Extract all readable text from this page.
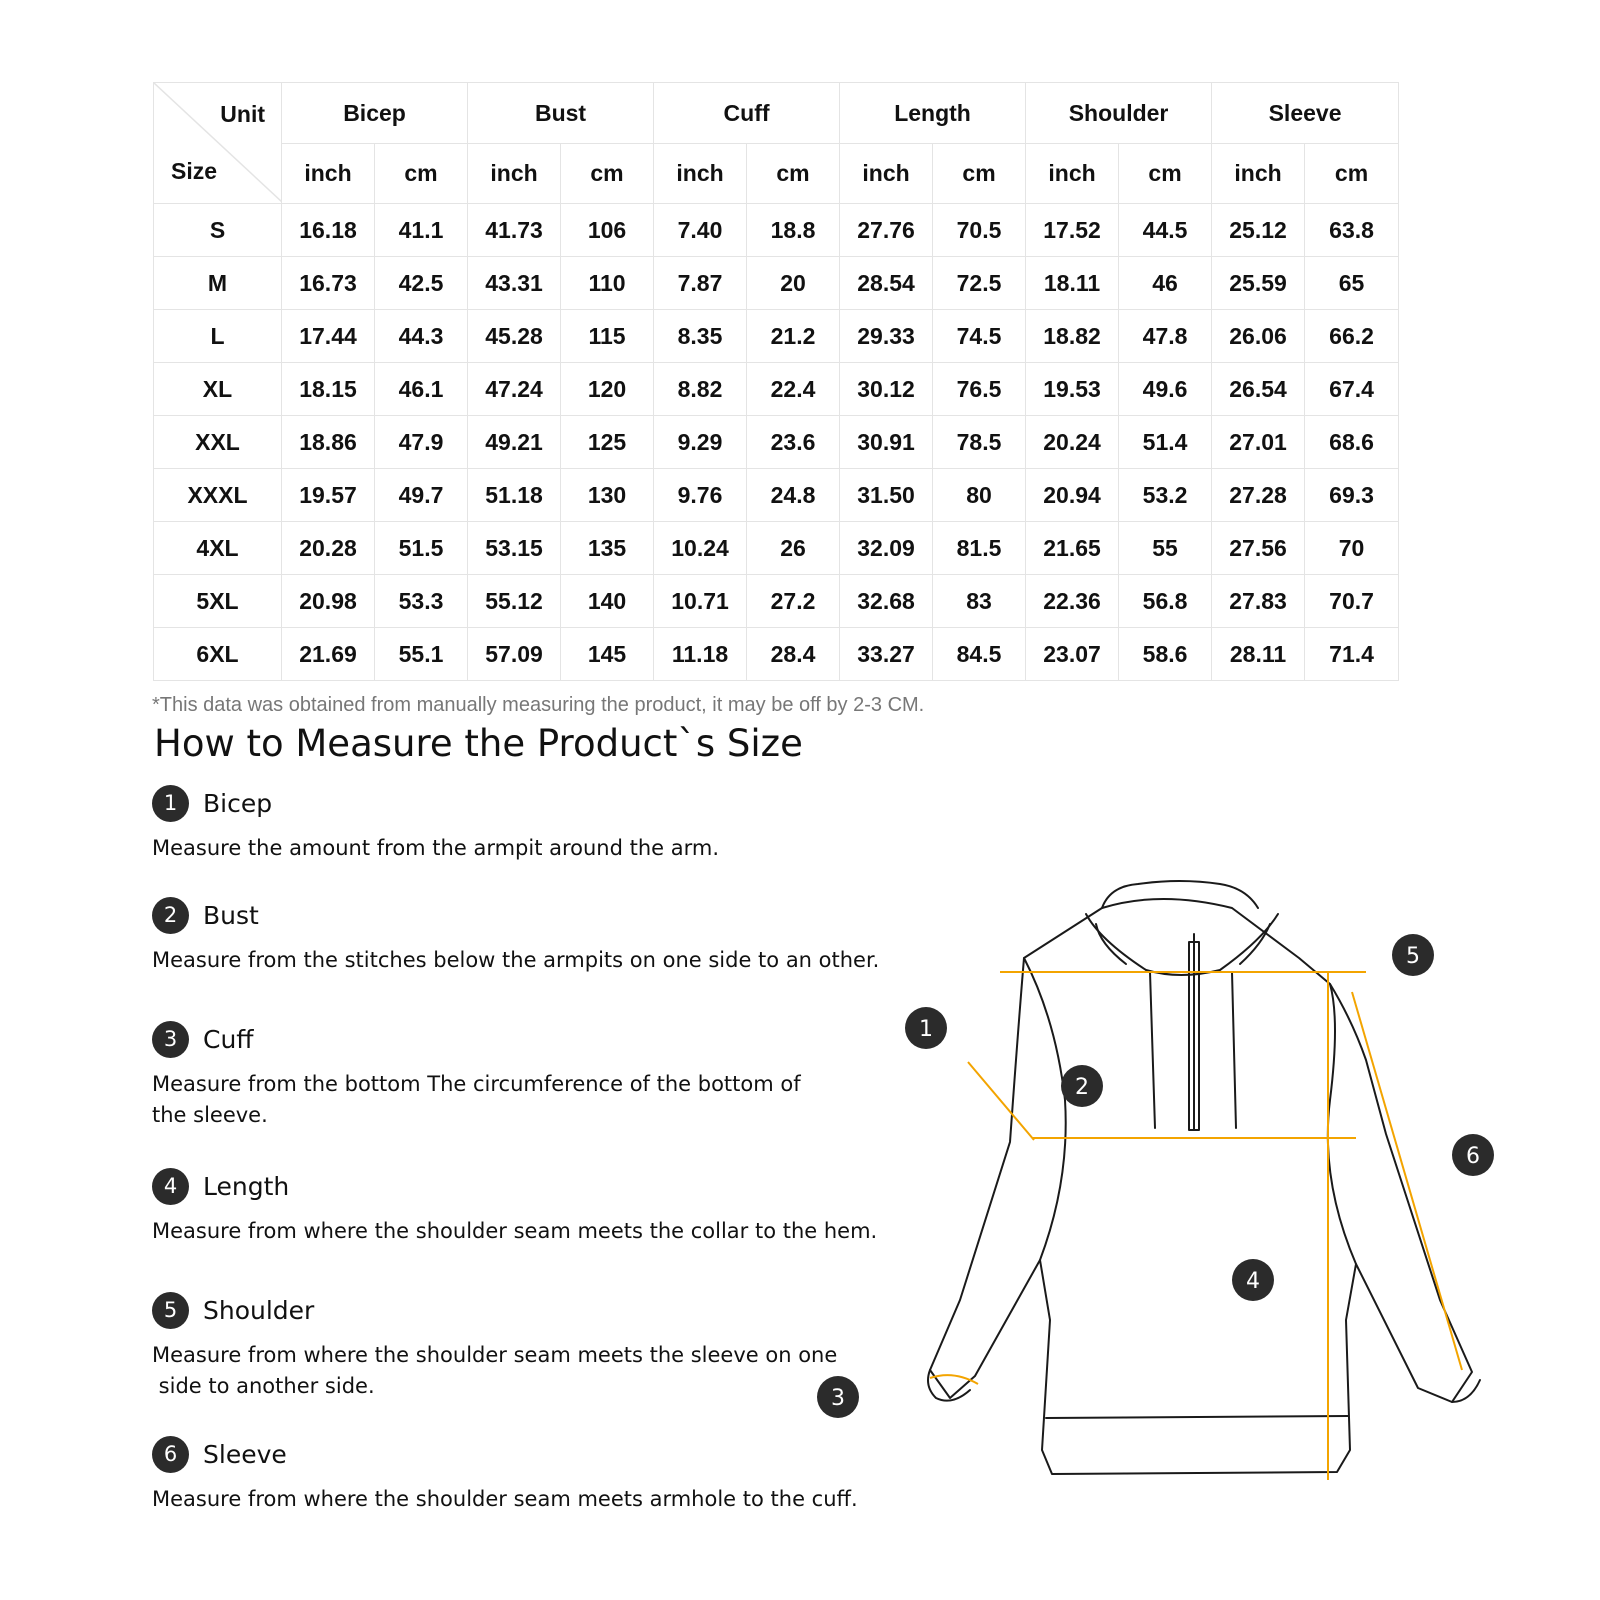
Unit
Size	Bicep		Bust		Cuff		Length		Shoulder		Sleeve	
	inch	cm	inch	cm	inch	cm	inch	cm	inch	cm	inch	cm
S	16.18	41.1	41.73	106	7.40	18.8	27.76	70.5	17.52	44.5	25.12	63.8
M	16.73	42.5	43.31	110	7.87	20	28.54	72.5	18.11	46	25.59	65
L	17.44	44.3	45.28	115	8.35	21.2	29.33	74.5	18.82	47.8	26.06	66.2
XL	18.15	46.1	47.24	120	8.82	22.4	30.12	76.5	19.53	49.6	26.54	67.4
XXL	18.86	47.9	49.21	125	9.29	23.6	30.91	78.5	20.24	51.4	27.01	68.6
XXXL	19.57	49.7	51.18	130	9.76	24.8	31.50	80	20.94	53.2	27.28	69.3
4XL	20.28	51.5	53.15	135	10.24	26	32.09	81.5	21.65	55	27.56	70
5XL	20.98	53.3	55.12	140	10.71	27.2	32.68	83	22.36	56.8	27.83	70.7
6XL	21.69	55.1	57.09	145	11.18	28.4	33.27	84.5	23.07	58.6	28.11	71.4
*This data was obtained from manually measuring the product, it may be off by 2-3 CM.
How to Measure the Product`s Size
1	Bicep
Measure the amount from the armpit around the arm.
2	Bust
Measure from the stitches below the armpits on one side to an other.
3	Cuff
Measure from the bottom The circumference of the bottom of
the sleeve.
4	Length
Measure from where the shoulder seam meets the collar to the hem.
5	Shoulder
Measure from where the shoulder seam meets the sleeve on one
side to another side.
6	Sleeve
Measure from where the shoulder seam meets armhole to the cuff.
1
2
3
4
5
6
